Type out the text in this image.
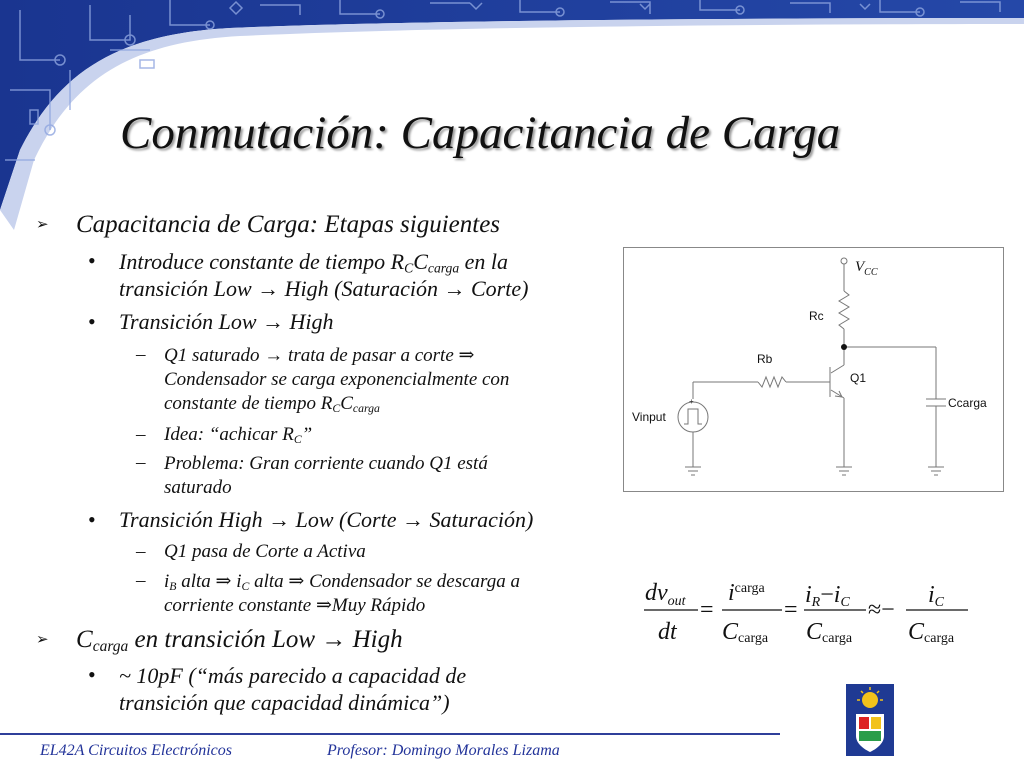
Conmutación: Capacitancia de Carga
➢ Capacitancia de Carga: Etapas siguientes
• Introduce constante de tiempo $R_CC_{carga}$ en la
transición Low → High (Saturación → Corte)
• Transición Low → High
– Q1 saturado → trata de pasar a corte ⇒
Condensador se carga exponencialmente con
constante de tiempo $R_CC_{carga}$
– Idea: “achicar $R_C$”
– Problema: Gran corriente cuando Q1 está
saturado
• Transición High → Low (Corte → Saturación)
– Q1 pasa de Corte a Activa
– $i_B$ alta ⇒ $i_C$ alta ⇒ Condensador se descarga a
corriente constante ⇒Muy Rápido
➢ $C_{carga}$ en transición Low → High
• ~ 10pF (“más parecido a capacidad de
transición que capacidad dinámica”)
+
$V_{CC}$
Rc
Rb
Q1
Vinput
Ccarga
$dv_{out}$
dt
=
$i^{carga}$
Ccarga
=
iR−iC
Ccarga
≈−
iC
Ccarga
EL42A Circuitos Electrónicos	Profesor: Domingo Morales Lizama
